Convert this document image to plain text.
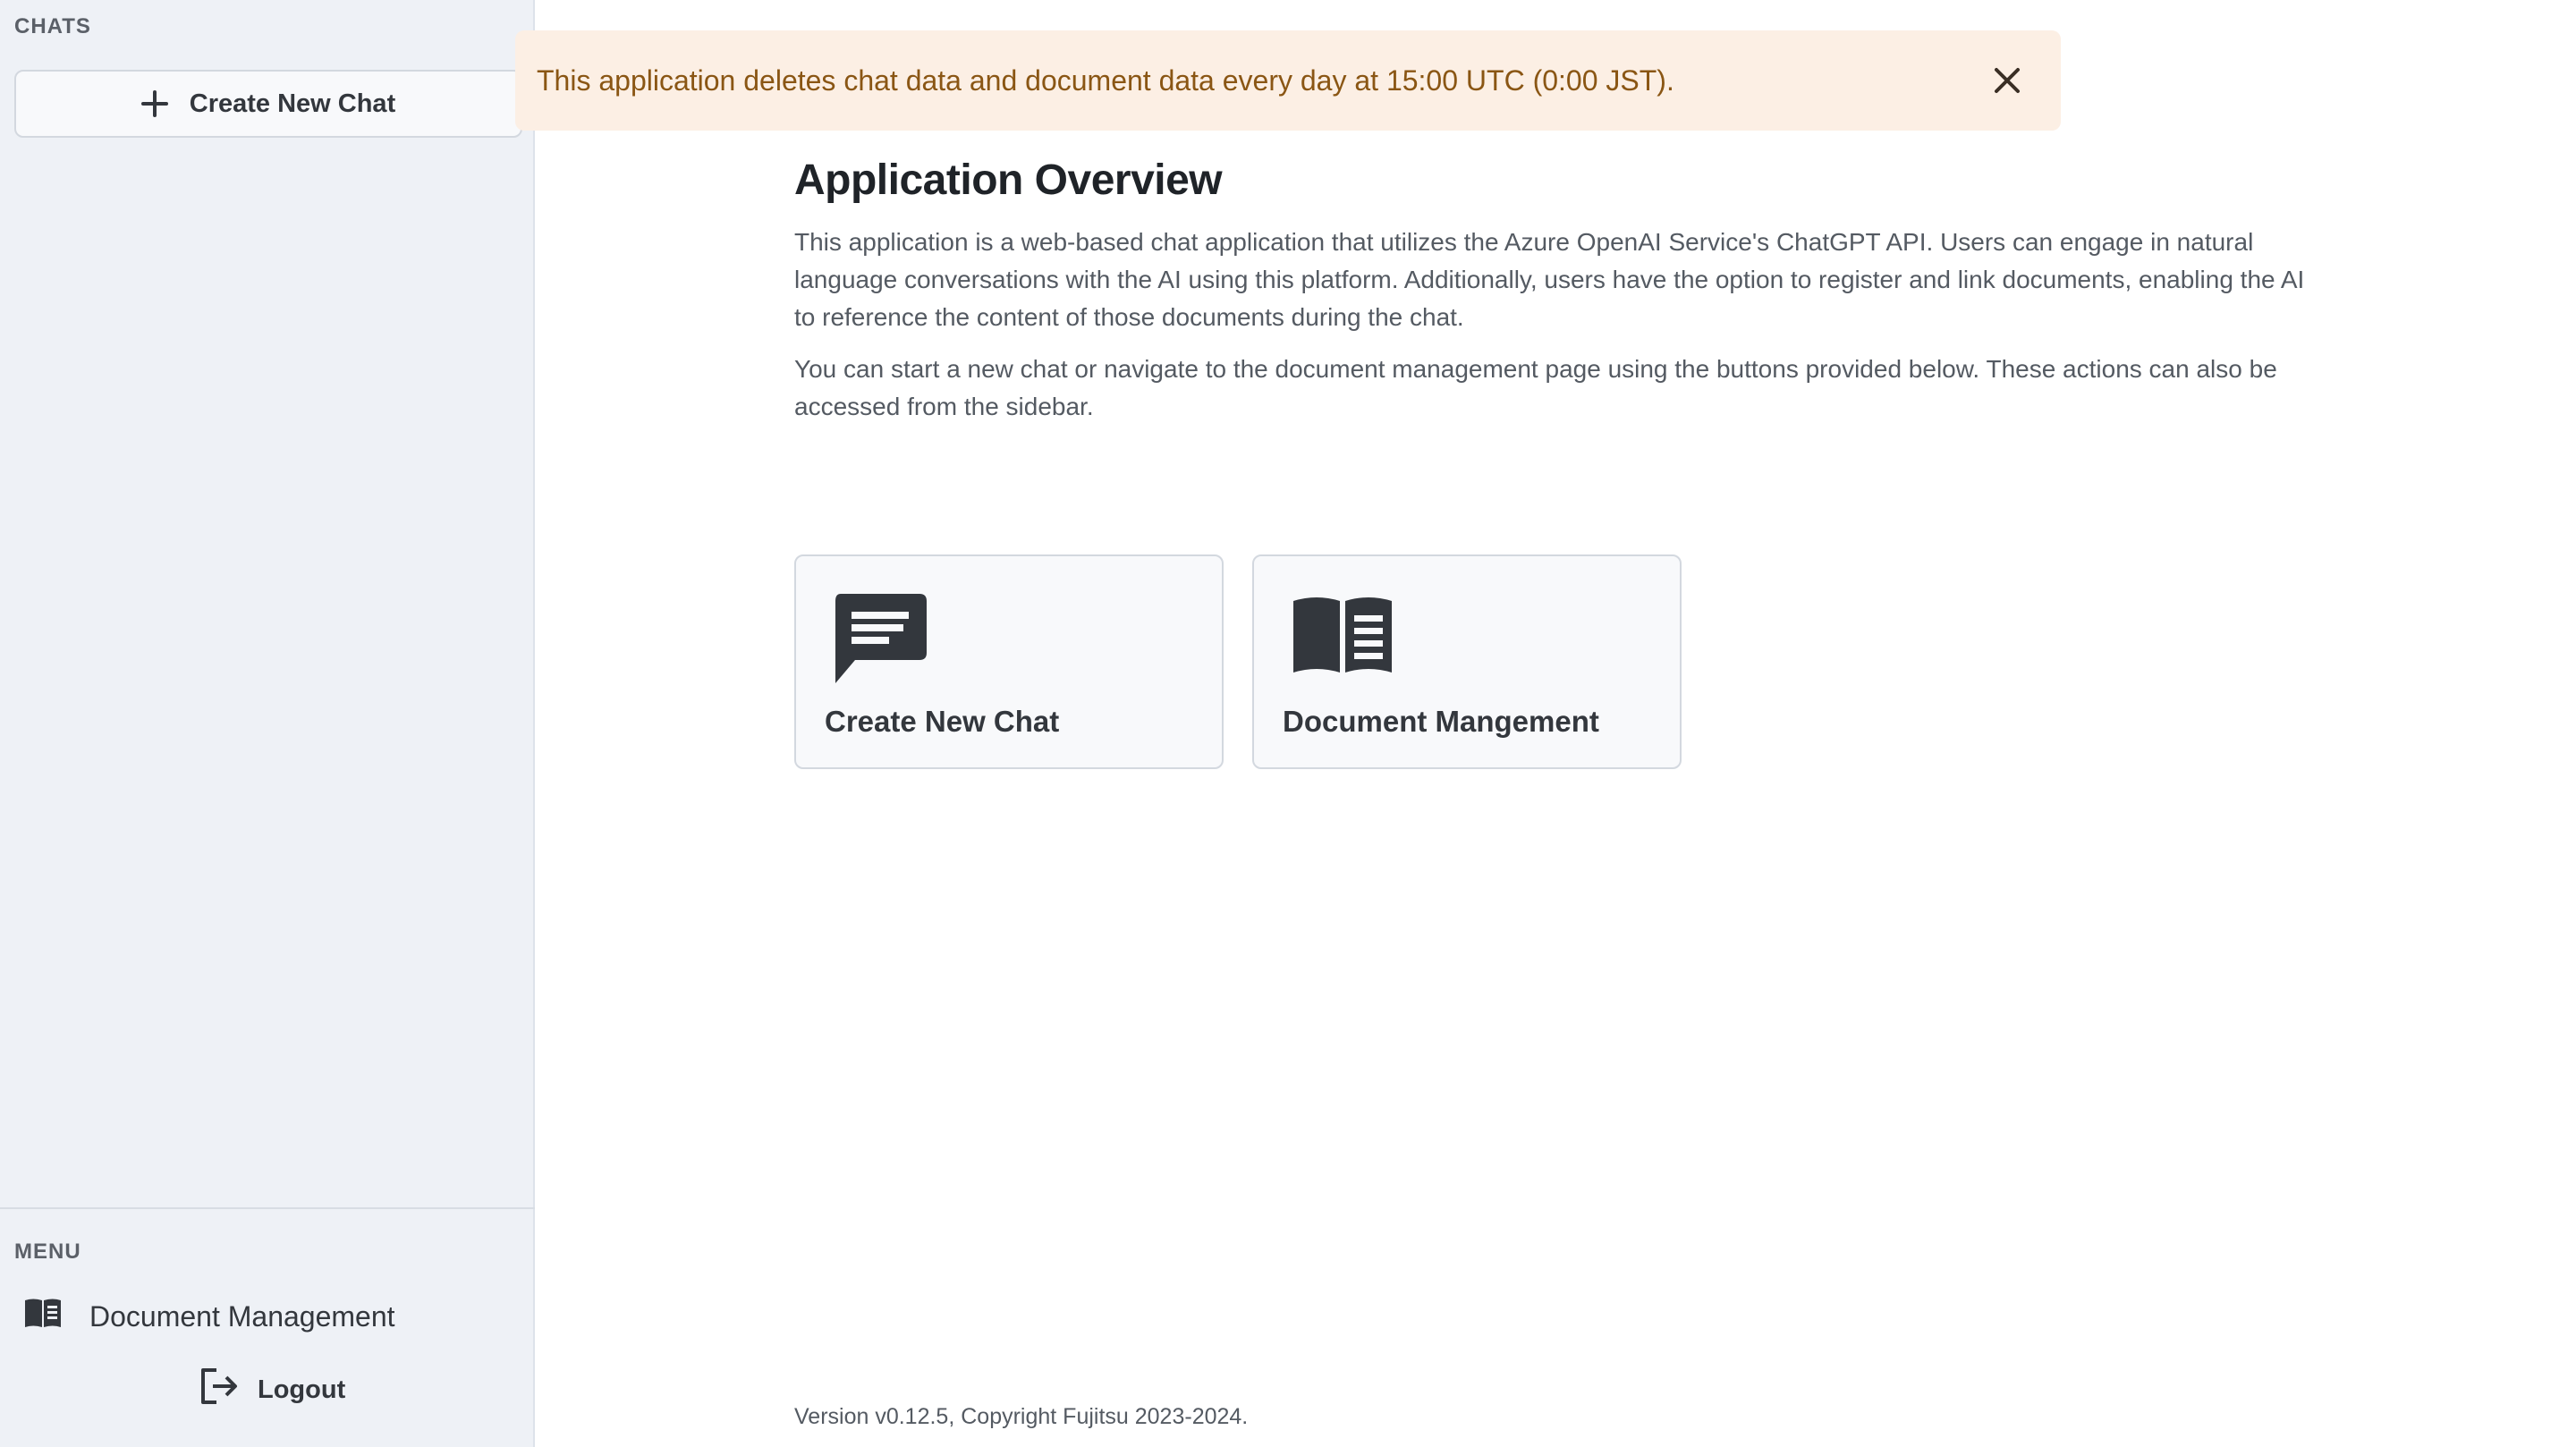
CHATS
Create New Chat
MENU
Document Management
Logout
This application deletes chat data and document data every day at 15:00 UTC (0:00 JST).
Application Overview

This application is a web-based chat application that utilizes the Azure OpenAI Service's ChatGPT API. Users can engage in natural language conversations with the AI using this platform. Additionally, users have the option to register and link documents, enabling the AI to reference the content of those documents during the chat.

You can start a new chat or navigate to the document management page using the buttons provided below. These actions can also be accessed from the sidebar.

Create New Chat	Document Mangement
Version v0.12.5, Copyright Fujitsu 2023-2024.
